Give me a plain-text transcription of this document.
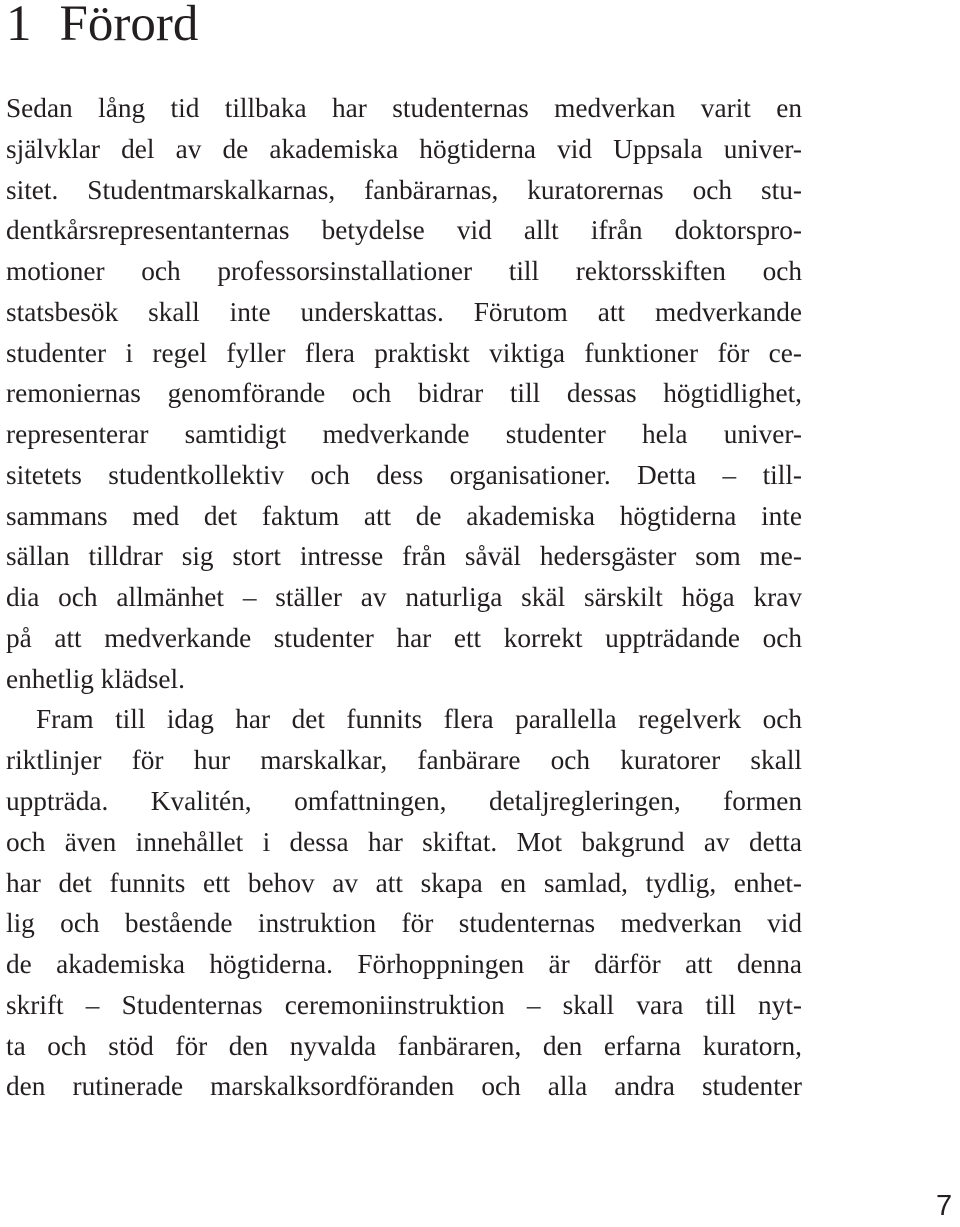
1 Förord
Sedan lång tid tillbaka har studenternas medverkan varit en
självklar del av de akademiska högtiderna vid Uppsala univer-
sitet. Studentmarskalkarnas, fanbärarnas, kuratorernas och stu-
dentkårsrepresentanternas betydelse vid allt ifrån doktorspro-
motioner och professorsinstallationer till rektorsskiften och
statsbesök skall inte underskattas. Förutom att medverkande
studenter i regel fyller flera praktiskt viktiga funktioner för ce-
remoniernas genomförande och bidrar till dessas högtidlighet,
representerar samtidigt medverkande studenter hela univer-
sitetets studentkollektiv och dess organisationer. Detta – till-
sammans med det faktum att de akademiska högtiderna inte
sällan tilldrar sig stort intresse från såväl hedersgäster som me-
dia och allmänhet – ställer av naturliga skäl särskilt höga krav
på att medverkande studenter har ett korrekt uppträdande och
enhetlig klädsel.
Fram till idag har det funnits flera parallella regelverk och
riktlinjer för hur marskalkar, fanbärare och kuratorer skall
uppträda. Kvalitén, omfattningen, detaljregleringen, formen
och även innehållet i dessa har skiftat. Mot bakgrund av detta
har det funnits ett behov av att skapa en samlad, tydlig, enhet-
lig och bestående instruktion för studenternas medverkan vid
de akademiska högtiderna. Förhoppningen är därför att denna
skrift – Studenternas ceremoniinstruktion – skall vara till nyt-
ta och stöd för den nyvalda fanbäraren, den erfarna kuratorn,
den rutinerade marskalksordföranden och alla andra studenter
7
